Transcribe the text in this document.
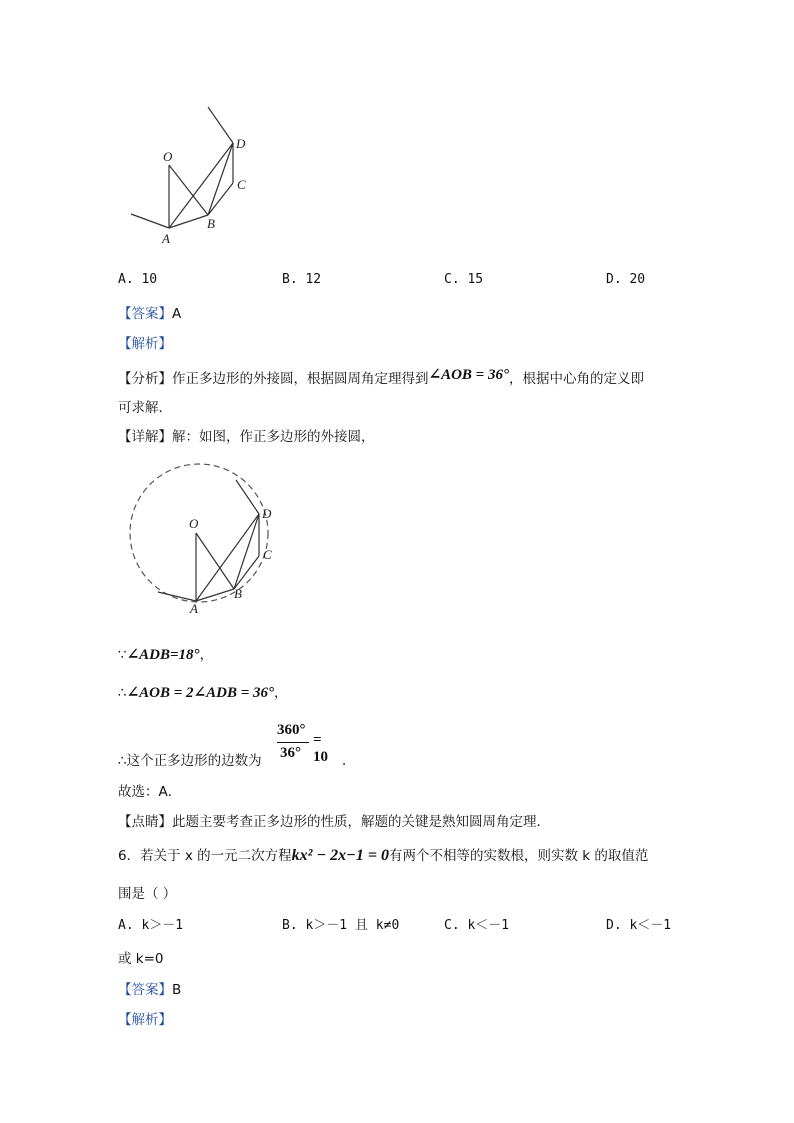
O
D
C
B
A
A. 10	B. 12	C. 15	D. 20
【答案】A
【解析】
【分析】作正多边形的外接圆，根据圆周角定理得到∠AOB = 36°，根据中心角的定义即
可求解．
【详解】解：如图，作正多边形的外接圆，
O
D
C
B
A
∵∠ADB=18°，
∴∠AOB = 2∠ADB = 36°，
∴这个正多边形的边数为
360°
36°
= 10 ．
故选：A．
【点睛】此题主要考查正多边形的性质，解题的关键是熟知圆周角定理．
6．若关于 x 的一元二次方程kx² − 2x−1 = 0有两个不相等的实数根，则实数 k 的取值范
围是（ ）
A. k＞－1	B. k＞－1 且 k≠0	C. k＜－1	D. k＜－1
或 k=0
【答案】B
【解析】
